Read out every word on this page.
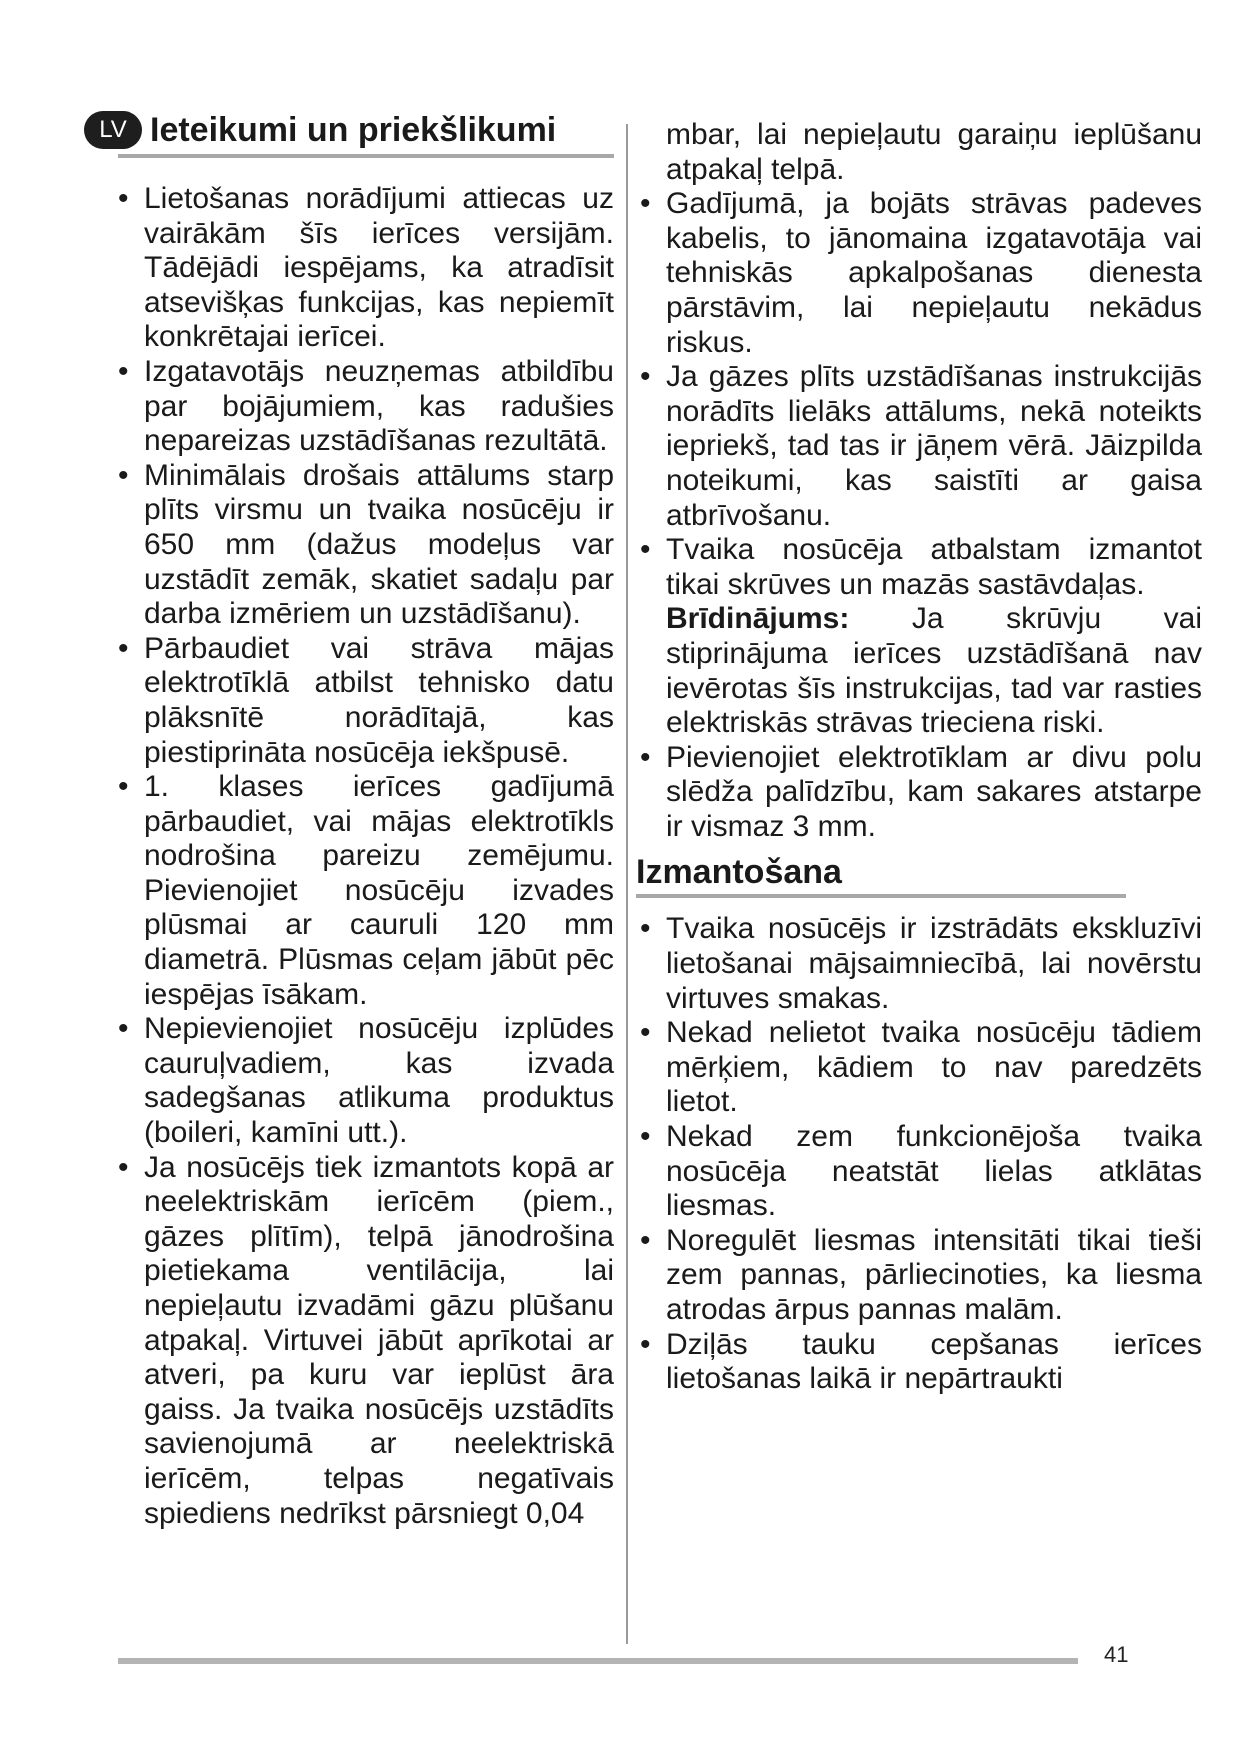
LV Ieteikumi un priekšlikumi

• Lietošanas norādījumi attiecas uz vairākām šīs ierīces versijām. Tādējādi iespējams, ka atradīsit atsevišķas funkcijas, kas nepiemīt konkrētajai ierīcei.

• Izgatavotājs neuzņemas atbildību par bojājumiem, kas radušies nepareizas uzstādīšanas rezultātā.

• Minimālais drošais attālums starp plīts virsmu un tvaika nosūcēju ir 650 mm (dažus modeļus var uzstādīt zemāk, skatiet sadaļu par darba izmēriem un uzstādīšanu).

• Pārbaudiet vai strāva mājas elektrotīklā atbilst tehnisko datu plāksnītē norādītajā, kas piestiprināta nosūcēja iekšpusē.

• 1. klases ierīces gadījumā pārbaudiet, vai mājas elektrotīkls nodrošina pareizu zemējumu. Pievienojiet nosūcēju izvades plūsmai ar cauruli 120 mm diametrā. Plūsmas ceļam jābūt pēc iespējas īsākam.

• Nepievienojiet nosūcēju izplūdes cauruļvadiem, kas izvada sadegšanas atlikuma produktus (boileri, kamīni utt.).

• Ja nosūcējs tiek izmantots kopā ar neelektriskām ierīcēm (piem., gāzes plītīm), telpā jānodrošina pietiekama ventilācija, lai nepieļautu izvadāmi gāzu plūšanu atpakaļ. Virtuvei jābūt aprīkotai ar atveri, pa kuru var ieplūst āra gaiss. Ja tvaika nosūcējs uzstādīts savienojumā ar neelektriskā ierīcēm, telpas negatīvais spiediens nedrīkst pārsniegt 0,04

mbar, lai nepieļautu garaiņu ieplūšanu atpakaļ telpā.

• Gadījumā, ja bojāts strāvas padeves kabelis, to jānomaina izgatavotāja vai tehniskās apkalpošanas dienesta pārstāvim, lai nepieļautu nekādus riskus.

• Ja gāzes plīts uzstādīšanas instrukcijās norādīts lielāks attālums, nekā noteikts iepriekš, tad tas ir jāņem vērā. Jāizpilda noteikumi, kas saistīti ar gaisa atbrīvošanu.

• Tvaika nosūcēja atbalstam izmantot tikai skrūves un mazās sastāvdaļas.

Brīdinājums: Ja skrūvju vai stiprinājuma ierīces uzstādīšanā nav ievērotas šīs instrukcijas, tad var rasties elektriskās strāvas trieciena riski.

• Pievienojiet elektrotīklam ar divu polu slēdža palīdzību, kam sakares atstarpe ir vismaz 3 mm.

Izmantošana

• Tvaika nosūcējs ir izstrādāts ekskluzīvi lietošanai mājsaimniecībā, lai novērstu virtuves smakas.

• Nekad nelietot tvaika nosūcēju tādiem mērķiem, kādiem to nav paredzēts lietot.

• Nekad zem funkcionējoša tvaika nosūcēja neatstāt lielas atklātas liesmas.

• Noregulēt liesmas intensitāti tikai tieši zem pannas, pārliecinoties, ka liesma atrodas ārpus pannas malām.

• Dziļās tauku cepšanas ierīces lietošanas laikā ir nepārtraukti

41
